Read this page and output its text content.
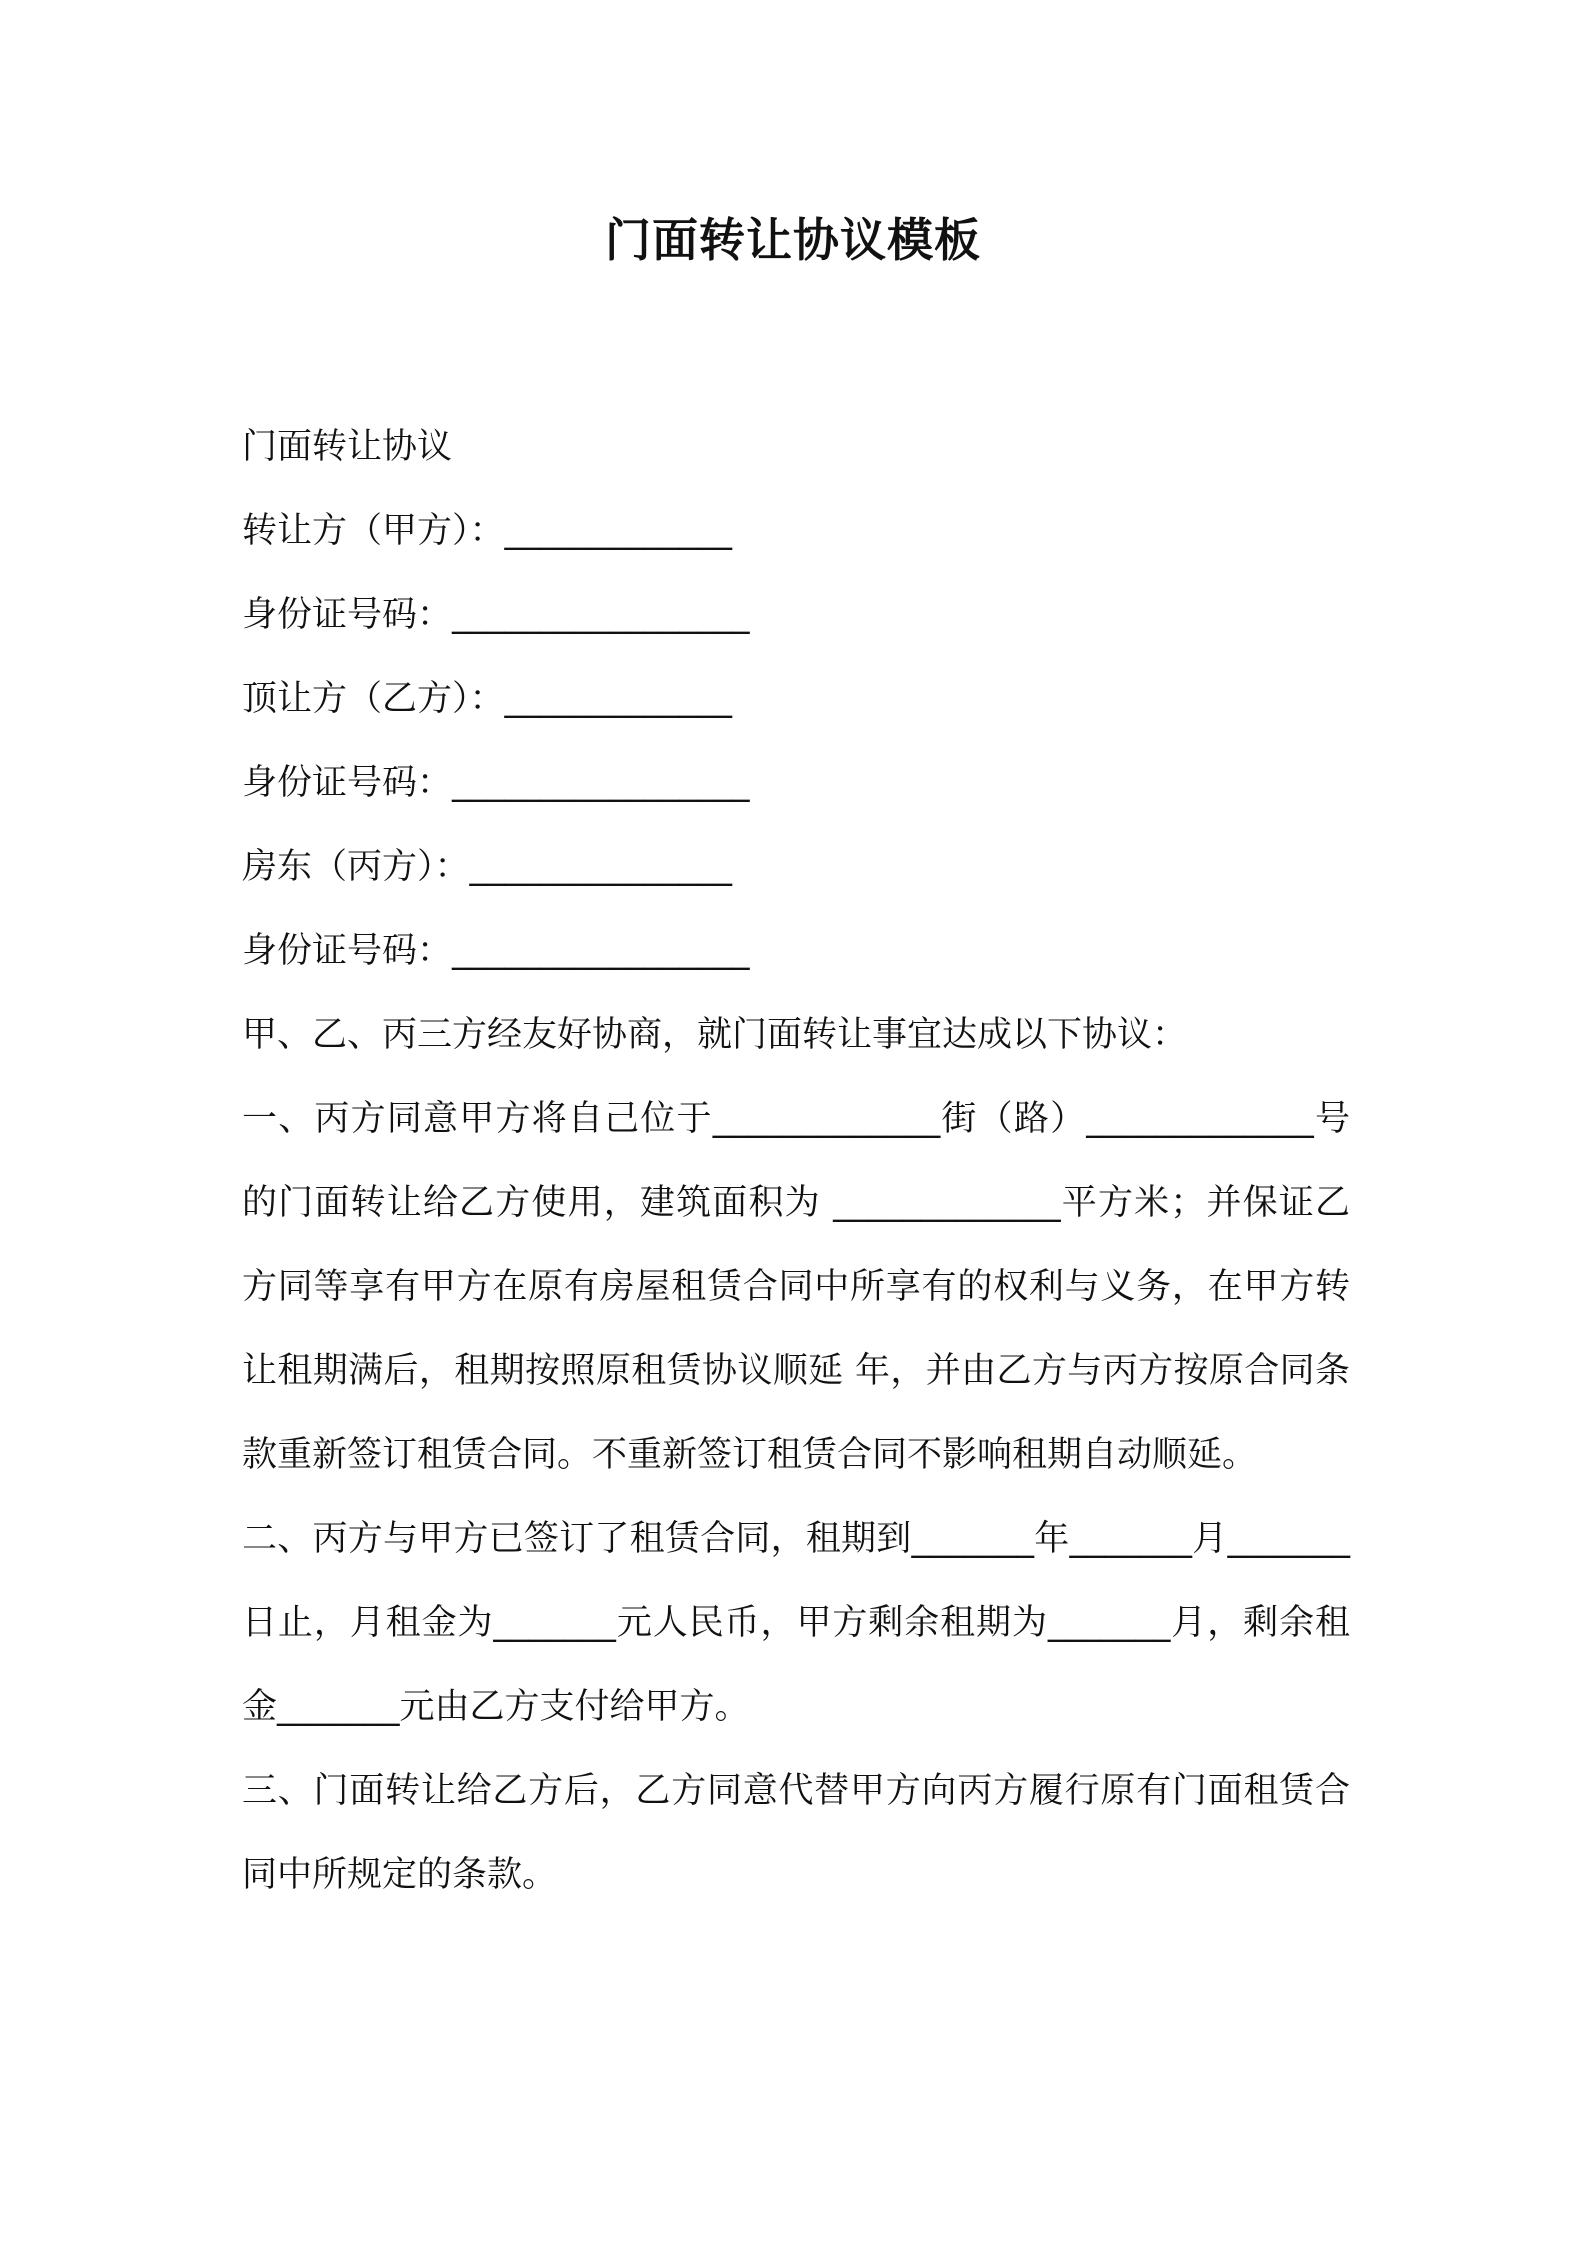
门面转让协议模板
门面转让协议
转让方（甲方）：_____________
身份证号码：_________________
顶让方（乙方）：_____________
身份证号码：_________________
房东（丙方）：_______________
身份证号码：_________________
甲、乙、丙三方经友好协商，就门面转让事宜达成以下协议：
一、丙方同意甲方将自己位于_____________街（路）_____________号的门面转让给乙方使用，建筑面积为 _____________平方米；并保证乙方同等享有甲方在原有房屋租赁合同中所享有的权利与义务，在甲方转让租期满后，租期按照原租赁协议顺延 年，并由乙方与丙方按原合同条款重新签订租赁合同。不重新签订租赁合同不影响租期自动顺延。
二、丙方与甲方已签订了租赁合同，租期到_______年_______月_______日止，月租金为_______元人民币，甲方剩余租期为_______月，剩余租金_______元由乙方支付给甲方。
三、门面转让给乙方后，乙方同意代替甲方向丙方履行原有门面租赁合同中所规定的条款。
